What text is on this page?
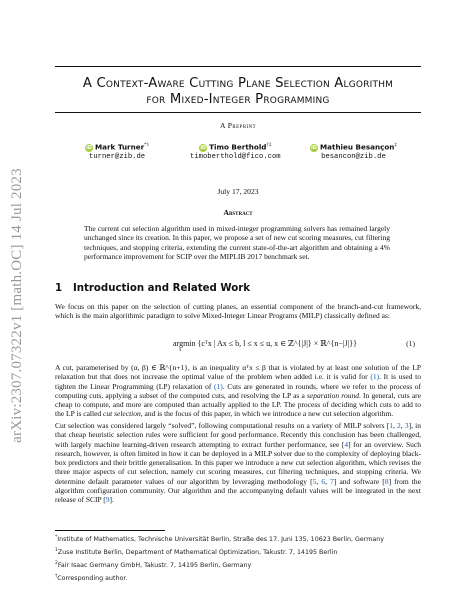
arXiv:2307.07322v1 [math.OC] 14 Jul 2023
A Context-Aware Cutting Plane Selection Algorithm
for Mixed-Integer Programming
A Preprint
iD Mark Turner$^{*1}$
turner@zib.de
iD Timo Berthold$^{\dagger 2}$
timoberthold@fico.com
iD Mathieu Besançon‡
besancon@zib.de
July 17, 2023
Abstract
The current cut selection algorithm used in mixed-integer programming solvers has remained largely unchanged since its creation. In this paper, we propose a set of new cut scoring measures, cut filtering techniques, and stopping criteria, extending the current state-of-the-art algorithm and obtaining a 4% performance improvement for SCIP over the MIPLIB 2017 benchmark set.
1 Introduction and Related Work

We focus on this paper on the selection of cutting planes, an essential component of the branch-and-cut framework, which is the main algorithmic paradigm to solve Mixed-Integer Linear Programs (MILP) classically defined as:

argmin
x
{cᵀx | Ax ≤ b, l ≤ x ≤ u, x ∈ ℤ^{|J|} × ℝ^{n−|J|}}	(1)

A cut, parameterised by (α, β) ∈ ℝ^{n+1}, is an inequality αᵀx ≤ β that is violated by at least one solution of the LP relaxation but that does not increase the optimal value of the problem when added i.e. it is valid for (1). It is used to tighten the Linear Programming (LP) relaxation of (1). Cuts are generated in rounds, where we refer to the process of computing cuts, applying a subset of the computed cuts, and resolving the LP as a separation round. In general, cuts are cheap to compute, and more are computed than actually applied to the LP. The process of deciding which cuts to add to the LP is called cut selection, and is the focus of this paper, in which we introduce a new cut selection algorithm.

Cut selection was considered largely “solved”, following computational results on a variety of MILP solvers [1, 2, 3], in that cheap heuristic selection rules were sufficient for good performance. Recently this conclusion has been challenged, with largely machine learning-driven research attempting to extract further performance, see [4] for an overview. Such research, however, is often limited in how it can be deployed in a MILP solver due to the complexity of deploying black-box predictors and their brittle generalisation. In this paper we introduce a new cut selection algorithm, which revises the three major aspects of cut selection, namely cut scoring measures, cut filtering techniques, and stopping criteria. We determine default parameter values of our algorithm by leveraging methodology [5, 6, 7] and software [8] from the algorithm configuration community. Our algorithm and the accompanying default values will be integrated in the next release of SCIP [9].

*Institute of Mathematics, Technische Universität Berlin, Straße des 17. Juni 135, 10623 Berlin, Germany
$^1$Zuse Institute Berlin, Department of Mathematical Optimization, Takustr. 7, 14195 Berlin
$^2$Fair Isaac Germany GmbH, Takustr. 7, 14195 Berlin, Germany
†Corresponding author.
